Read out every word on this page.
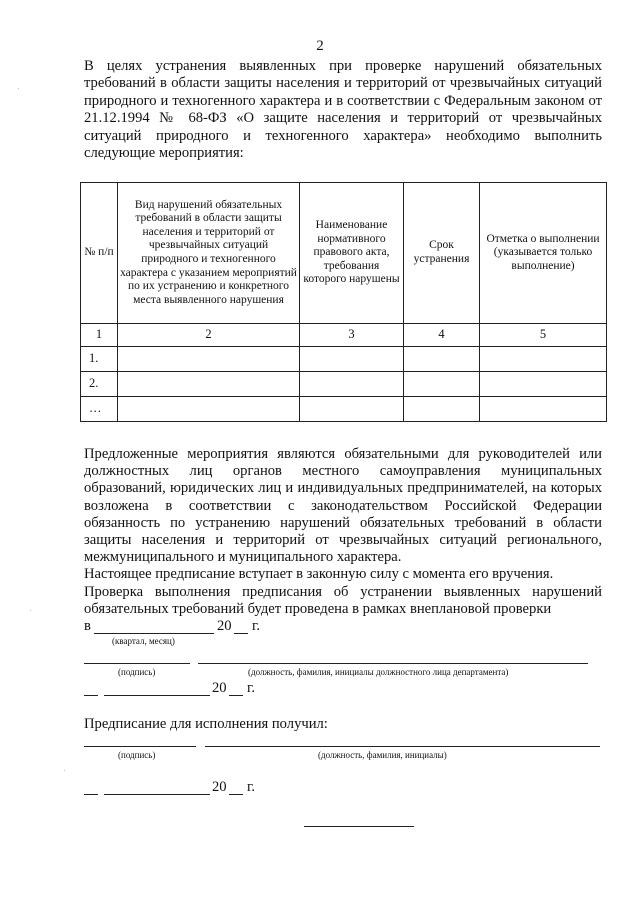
2
В целях устранения выявленных при проверке нарушений обязательных требований в области защиты населения и территорий от чрезвычайных ситуаций природного и техногенного характера и в соответствии с Федеральным законом от 21.12.1994 № 68-ФЗ «О защите населения и территорий от чрезвычайных ситуаций природного и техногенного характера» необходимо выполнить следующие мероприятия:
№ п/п	Вид нарушений обязательных требований в области защиты населения и территорий от чрезвычайных ситуаций природного и техногенного характера с указанием мероприятий по их устранению и конкретного места выявленного нарушения	Наименование нормативного правового акта, требования которого нарушены	Срок устранения	Отметка о выполнении (указывается только выполнение)
1	2	3	4	5
1.				
2.				
…				

Предложенные мероприятия являются обязательными для руководителей или должностных лиц органов местного самоуправления муниципальных образований, юридических лиц и индивидуальных предпринимателей, на которых возложена в соответствии с законодательством Российской Федерации обязанность по устранению нарушений обязательных требований в области защиты населения и территорий от чрезвычайных ситуаций регионального, межмуниципального и муниципального характера.

Настоящее предписание вступает в законную силу с момента его вручения.

Проверка выполнения предписания об устранении выявленных нарушений обязательных требований будет проведена в рамках внеплановой проверки

в	20 г.
(квартал, месяц)
(подпись)	(должность, фамилия, инициалы должностного лица департамента)
20 г.
Предписание для исполнения получил:
(подпись)	(должность, фамилия, инициалы)
20 г.
